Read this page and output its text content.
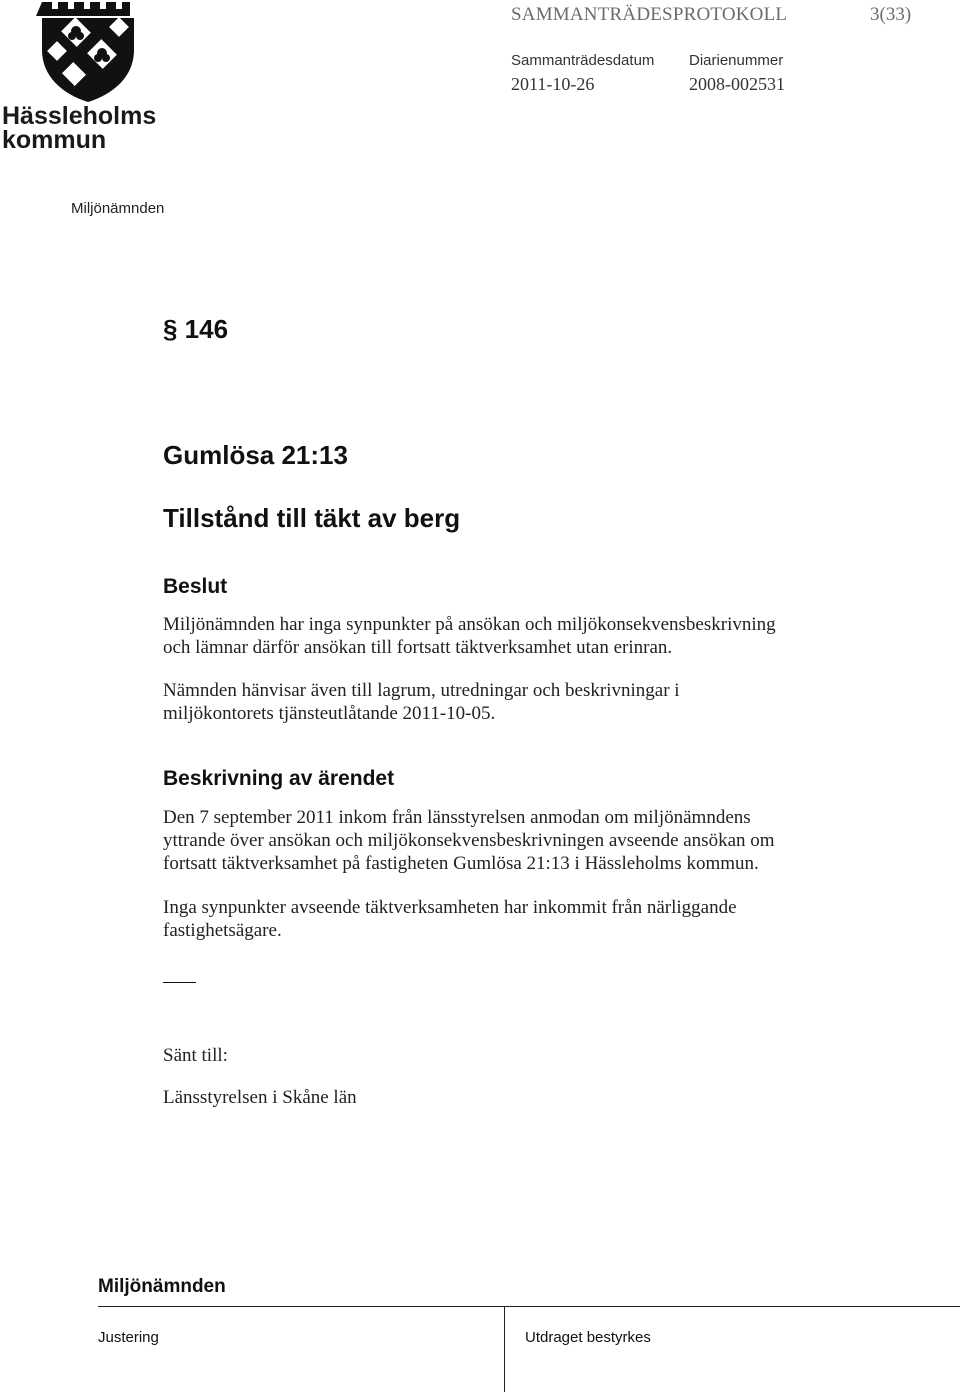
Hässleholms
kommun
SAMMANTRÄDESPROTOKOLL	3(33)
Sammanträdesdatum
2011-10-26
Diarienummer
2008-002531
Miljönämnden
§ 146
Gumlösa 21:13
Tillstånd till täkt av berg
Beslut
Miljönämnden har inga synpunkter på ansökan och miljökonsekvensbeskrivning
och lämnar därför ansökan till fortsatt täktverksamhet utan erinran.
Nämnden hänvisar även till lagrum, utredningar och beskrivningar i
miljökontorets tjänsteutlåtande 2011-10-05.
Beskrivning av ärendet
Den 7 september 2011 inkom från länsstyrelsen anmodan om miljönämndens
yttrande över ansökan och miljökonsekvensbeskrivningen avseende ansökan om
fortsatt täktverksamhet på fastigheten Gumlösa 21:13 i Hässleholms kommun.
Inga synpunkter avseende täktverksamheten har inkommit från närliggande
fastighetsägare.
Sänt till:
Länsstyrelsen i Skåne län
Miljönämnden
Justering	Utdraget bestyrkes
